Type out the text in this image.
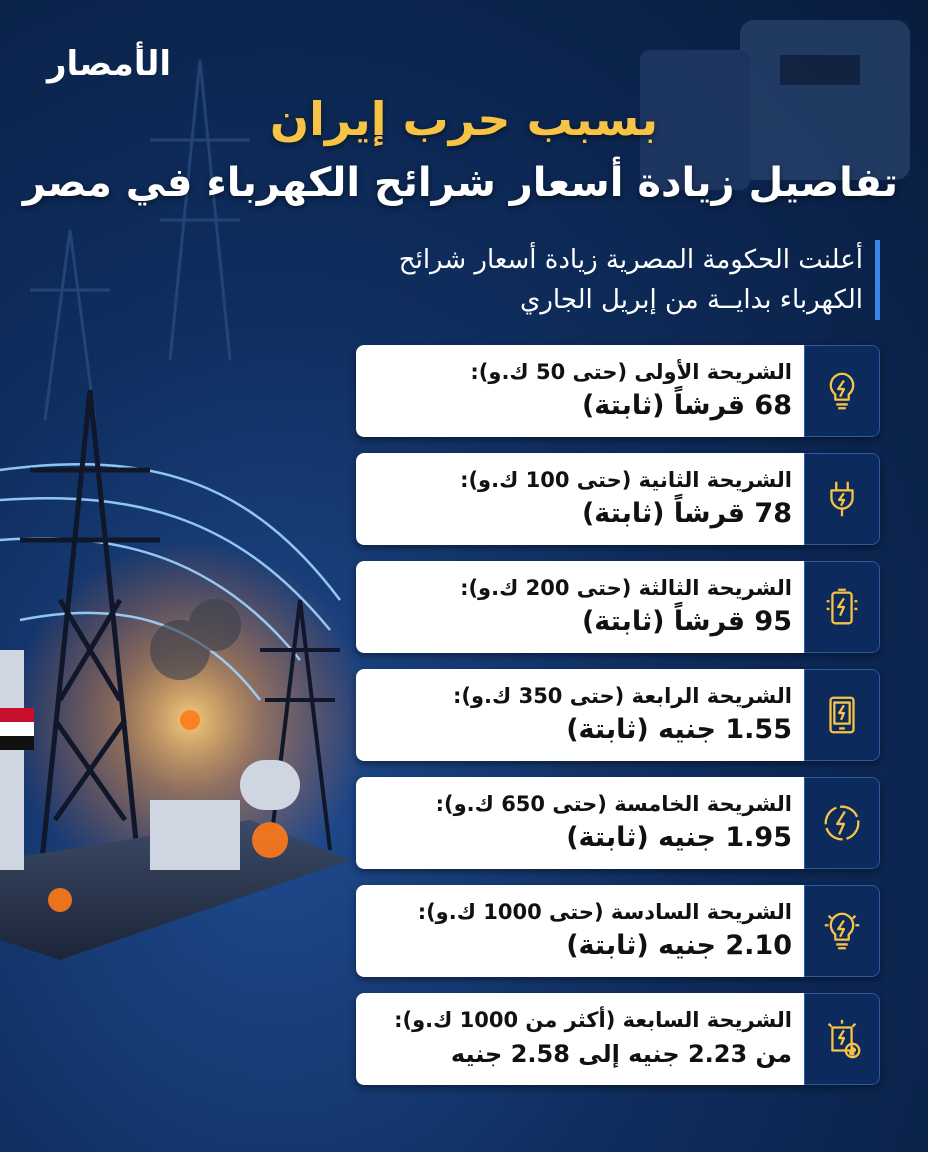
الأمصار
بسبب حرب إيران
تفاصيل زيادة أسعار شرائح الكهرباء في مصر
أعلنت الحكومة المصرية زيادة أسعار شرائح
الكهرباء بدايــة من إبريل الجاري
الشريحة الأولى (حتى 50 ك.و):
68 قرشاً (ثابتة)
الشريحة الثانية (حتى 100 ك.و):
78 قرشاً (ثابتة)
الشريحة الثالثة (حتى 200 ك.و):
95 قرشاً (ثابتة)
الشريحة الرابعة (حتى 350 ك.و):
1.55 جنيه (ثابتة)
الشريحة الخامسة (حتى 650 ك.و):
1.95 جنيه (ثابتة)
الشريحة السادسة (حتى 1000 ك.و):
2.10 جنيه (ثابتة)
الشريحة السابعة (أكثر من 1000 ك.و):
من 2.23 جنيه إلى 2.58 جنيه
